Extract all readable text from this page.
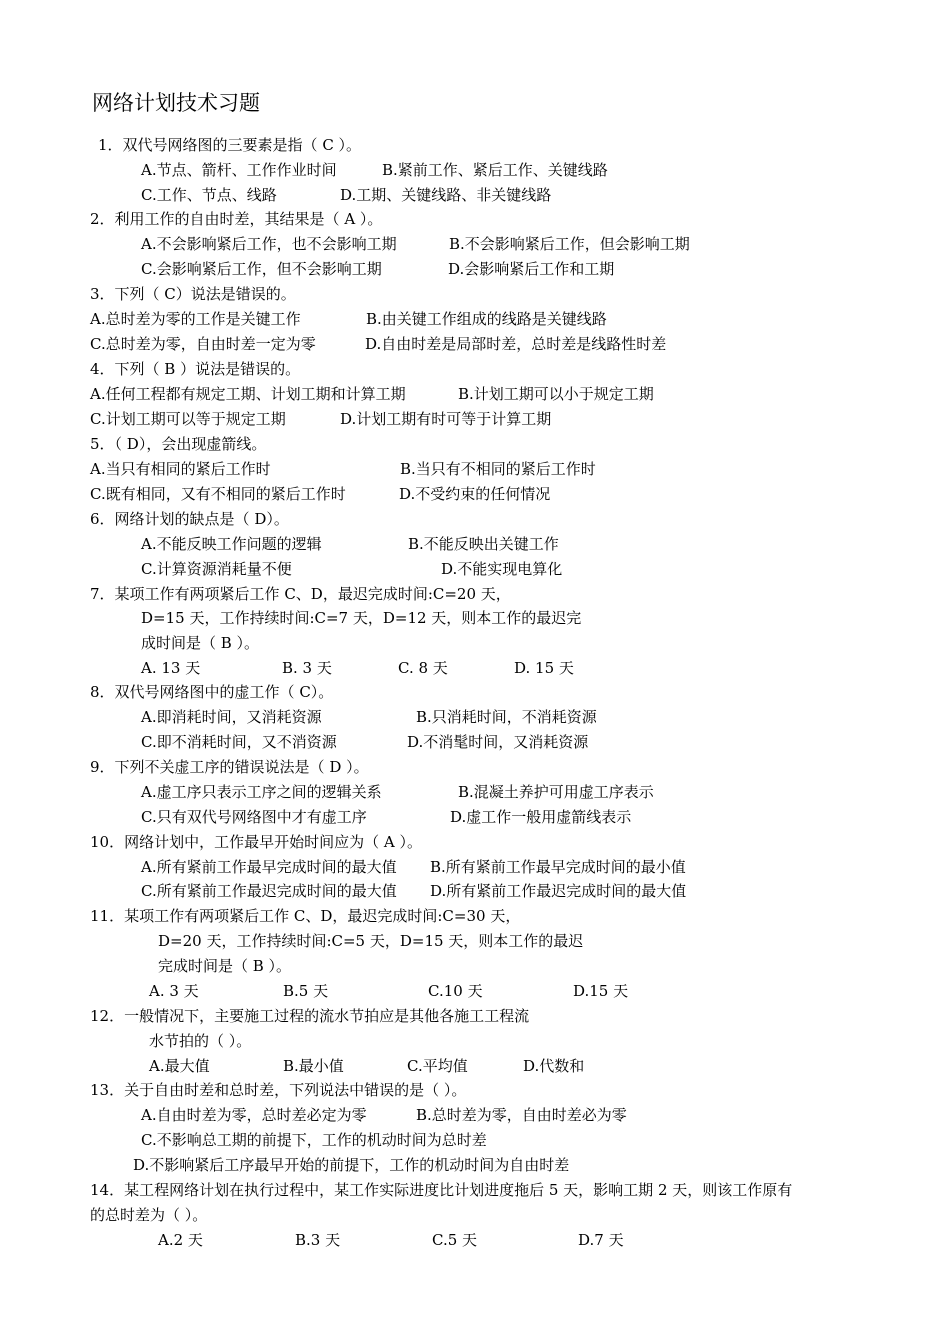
网络计划技术习题
1．双代号网络图的三要素是指（ C ）。
A.节点、箭杆、工作作业时间	B.紧前工作、紧后工作、关键线路
C.工作、节点、线路	D.工期、关键线路、非关键线路
2．利用工作的自由时差，其结果是（ A ）。
A.不会影响紧后工作，也不会影响工期	B.不会影响紧后工作，但会影响工期
C.会影响紧后工作，但不会影响工期	D.会影响紧后工作和工期
3．下列（ C）说法是错误的。
A.总时差为零的工作是关键工作	B.由关键工作组成的线路是关键线路
C.总时差为零，自由时差一定为零	D.自由时差是局部时差，总时差是线路性时差
4．下列（ B ）说法是错误的。
A.任何工程都有规定工期、计划工期和计算工期	B.计划工期可以小于规定工期
C.计划工期可以等于规定工期	D.计划工期有时可等于计算工期
5．（ D），会出现虚箭线。
A.当只有相同的紧后工作时	B.当只有不相同的紧后工作时
C.既有相同，又有不相同的紧后工作时	D.不受约束的任何情况
6．网络计划的缺点是（ D）。
A.不能反映工作问题的逻辑	B.不能反映出关键工作
C.计算资源消耗量不便	D.不能实现电算化
7．某项工作有两项紧后工作 C、D，最迟完成时间:C=20 天，
D=15 天，工作持续时间:C=7 天，D=12 天，则本工作的最迟完
成时间是（ B ）。
A. 13 天	B. 3 天	C. 8 天	D. 15 天
8．双代号网络图中的虚工作（ C）。
A.即消耗时间，又消耗资源	B.只消耗时间，不消耗资源
C.即不消耗时间，又不消资源	D.不消髦时间，又消耗资源
9．下列不关虚工序的错误说法是（ D ）。
A.虚工序只表示工序之间的逻辑关系	B.混凝土养护可用虚工序表示
C.只有双代号网络图中才有虚工序	D.虚工作一般用虚箭线表示
10．网络计划中，工作最早开始时间应为（ A ）。
A.所有紧前工作最早完成时间的最大值 B.所有紧前工作最早完成时间的最小值
C.所有紧前工作最迟完成时间的最大值 D.所有紧前工作最迟完成时间的最大值
11．某项工作有两项紧后工作 C、D，最迟完成时间:C=30 天，
D=20 天，工作持续时间:C=5 天，D=15 天，则本工作的最迟
完成时间是（ B ）。
A. 3 天	B.5 天	C.10 天	D.15 天
12．一般情况下，主要施工过程的流水节拍应是其他各施工工程流
水节拍的（ ）。
A.最大值	B.最小值	C.平均值	D.代数和
13．关于自由时差和总时差，下列说法中错误的是（ ）。
A.自由时差为零，总时差必定为零	B.总时差为零，自由时差必为零
C.不影响总工期的前提下，工作的机动时间为总时差
D.不影响紧后工序最早开始的前提下，工作的机动时间为自由时差
14．某工程网络计划在执行过程中，某工作实际进度比计划进度拖后 5 天，影响工期 2 天，则该工作原有
的总时差为（ ）。
A.2 天	B.3 天	C.5 天	D.7 天
